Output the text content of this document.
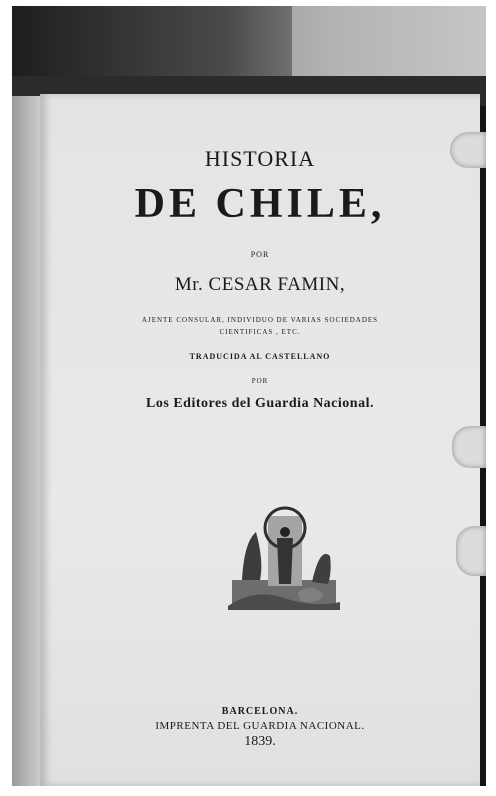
HISTORIA
DE CHILE,
POR
Mr. CESAR FAMIN,
AJENTE CONSULAR, INDIVIDUO DE VARIAS SOCIEDADES
CIENTIFICAS , ETC.
TRADUCIDA AL CASTELLANO
POR
Los Editores del Guardia Nacional.
BARCELONA.
IMPRENTA DEL GUARDIA NACIONAL.
1839.
